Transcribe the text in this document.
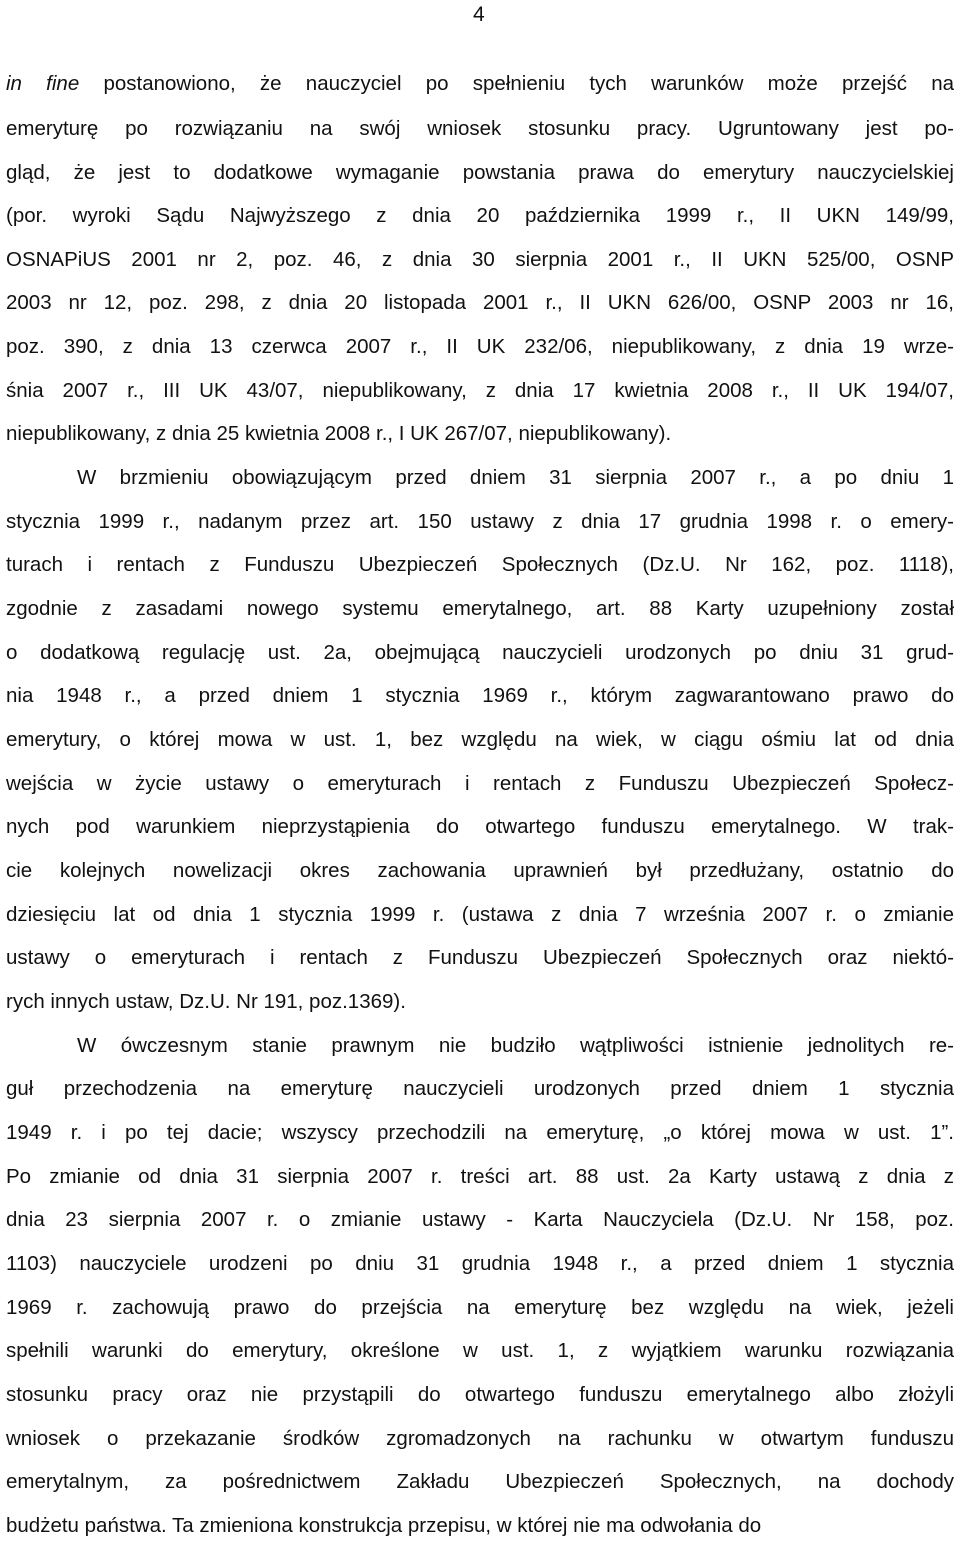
4
in fine postanowiono, że nauczyciel po spełnieniu tych warunków może przejść na
emeryturę po rozwiązaniu na swój wniosek stosunku pracy. Ugruntowany jest po-
gląd, że jest to dodatkowe wymaganie powstania prawa do emerytury nauczycielskiej
(por. wyroki Sądu Najwyższego z dnia 20 października 1999 r., II UKN 149/99,
OSNAPiUS 2001 nr 2, poz. 46, z dnia 30 sierpnia 2001 r., II UKN 525/00, OSNP
2003 nr 12, poz. 298, z dnia 20 listopada 2001 r., II UKN 626/00, OSNP 2003 nr 16,
poz. 390, z dnia 13 czerwca 2007 r., II UK 232/06, niepublikowany, z dnia 19 wrze-
śnia 2007 r., III UK 43/07, niepublikowany, z dnia 17 kwietnia 2008 r., II UK 194/07,
niepublikowany, z dnia 25 kwietnia 2008 r., I UK 267/07, niepublikowany).
W brzmieniu obowiązującym przed dniem 31 sierpnia 2007 r., a po dniu 1
stycznia 1999 r., nadanym przez art. 150 ustawy z dnia 17 grudnia 1998 r. o emery-
turach i rentach z Funduszu Ubezpieczeń Społecznych (Dz.U. Nr 162, poz. 1118),
zgodnie z zasadami nowego systemu emerytalnego, art. 88 Karty uzupełniony został
o dodatkową regulację ust. 2a, obejmującą nauczycieli urodzonych po dniu 31 grud-
nia 1948 r., a przed dniem 1 stycznia 1969 r., którym zagwarantowano prawo do
emerytury, o której mowa w ust. 1, bez względu na wiek, w ciągu ośmiu lat od dnia
wejścia w życie ustawy o emeryturach i rentach z Funduszu Ubezpieczeń Społecz-
nych pod warunkiem nieprzystąpienia do otwartego funduszu emerytalnego. W trak-
cie kolejnych nowelizacji okres zachowania uprawnień był przedłużany, ostatnio do
dziesięciu lat od dnia 1 stycznia 1999 r. (ustawa z dnia 7 września 2007 r. o zmianie
ustawy o emeryturach i rentach z Funduszu Ubezpieczeń Społecznych oraz niektó-
rych innych ustaw, Dz.U. Nr 191, poz.1369).
W ówczesnym stanie prawnym nie budziło wątpliwości istnienie jednolitych re-
guł przechodzenia na emeryturę nauczycieli urodzonych przed dniem 1 stycznia
1949 r. i po tej dacie; wszyscy przechodzili na emeryturę, „o której mowa w ust. 1”.
Po zmianie od dnia 31 sierpnia 2007 r. treści art. 88 ust. 2a Karty ustawą z dnia z
dnia 23 sierpnia 2007 r. o zmianie ustawy - Karta Nauczyciela (Dz.U. Nr 158, poz.
1103) nauczyciele urodzeni po dniu 31 grudnia 1948 r., a przed dniem 1 stycznia
1969 r. zachowują prawo do przejścia na emeryturę bez względu na wiek, jeżeli
spełnili warunki do emerytury, określone w ust. 1, z wyjątkiem warunku rozwiązania
stosunku pracy oraz nie przystąpili do otwartego funduszu emerytalnego albo złożyli
wniosek o przekazanie środków zgromadzonych na rachunku w otwartym funduszu
emerytalnym, za pośrednictwem Zakładu Ubezpieczeń Społecznych, na dochody
budżetu państwa. Ta zmieniona konstrukcja przepisu, w której nie ma odwołania do
